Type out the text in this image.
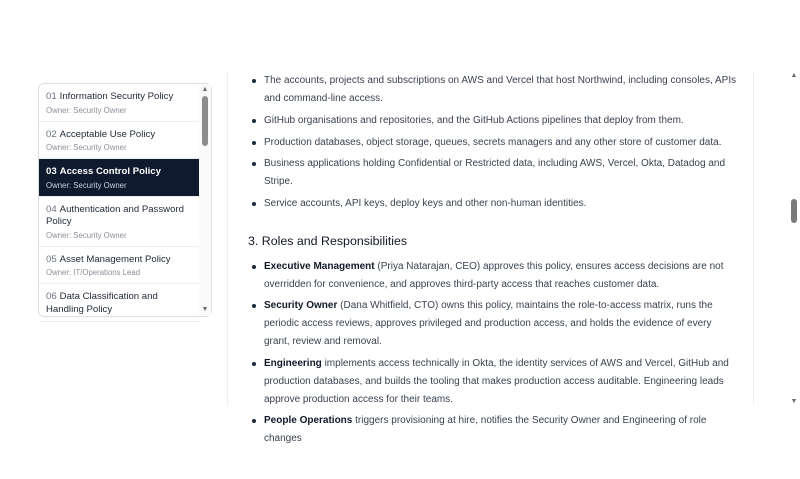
01 Information Security Policy
Owner: Security Owner
02 Acceptable Use Policy
Owner: Security Owner
03 Access Control Policy
Owner: Security Owner
04 Authentication and Password Policy
Owner: Security Owner
05 Asset Management Policy
Owner: IT/Operations Lead
06 Data Classification and Handling Policy
▲
▼
The accounts, projects and subscriptions on AWS and Vercel that host Northwind, including consoles, APIs and command-line access.
GitHub organisations and repositories, and the GitHub Actions pipelines that deploy from them.
Production databases, object storage, queues, secrets managers and any other store of customer data.
Business applications holding Confidential or Restricted data, including AWS, Vercel, Okta, Datadog and Stripe.
Service accounts, API keys, deploy keys and other non-human identities.
3. Roles and Responsibilities
Executive Management (Priya Natarajan, CEO) approves this policy, ensures access decisions are not overridden for convenience, and approves third-party access that reaches customer data.
Security Owner (Dana Whitfield, CTO) owns this policy, maintains the role-to-access matrix, runs the periodic access reviews, approves privileged and production access, and holds the evidence of every grant, review and removal.
Engineering implements access technically in Okta, the identity services of AWS and Vercel, GitHub and production databases, and builds the tooling that makes production access auditable. Engineering leads approve production access for their teams.
People Operations triggers provisioning at hire, notifies the Security Owner and Engineering of role changes
▲
▼
